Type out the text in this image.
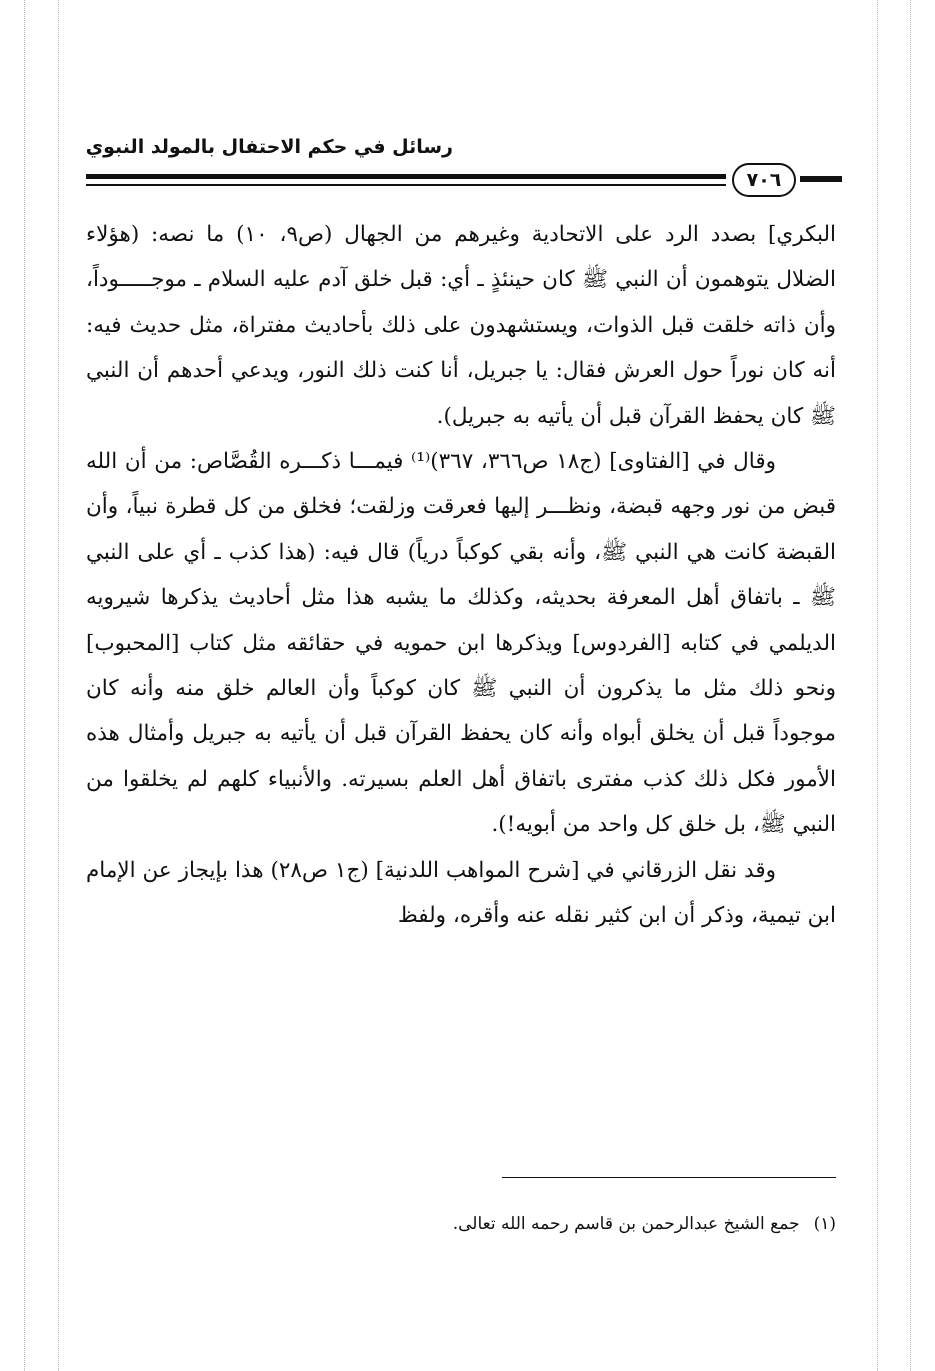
رسائل في حكم الاحتفال بالمولد النبوي
٧٠٦

البكري] بصدد الرد على الاتحادية وغيرهم من الجهال (ص٩، ١٠) ما نصه: (هؤلاء الضلال يتوهمون أن النبي ﷺ كان حينئذٍ ـ أي: قبل خلق آدم عليه السلام ـ موجـــــوداً، وأن ذاته خلقت قبل الذوات، ويستشهدون على ذلك بأحاديث مفتراة، مثل حديث فيه: أنه كان نوراً حول العرش فقال: يا جبريل، أنا كنت ذلك النور، ويدعي أحدهم أن النبي ﷺ كان يحفظ القرآن قبل أن يأتيه به جبريل).

وقال في [الفتاوى] (ج١٨ ص٣٦٦، ٣٦٧)⁽¹⁾ فيمـــا ذكـــره القُصَّاص: من أن الله قبض من نور وجهه قبضة، ونظـــر إليها فعرقت وزلقت؛ فخلق من كل قطرة نبياً، وأن القبضة كانت هي النبي ﷺ، وأنه بقي كوكباً درياً) قال فيه: (هذا كذب ـ أي على النبي ﷺ ـ باتفاق أهل المعرفة بحديثه، وكذلك ما يشبه هذا مثل أحاديث يذكرها شيرويه الديلمي في كتابه [الفردوس] ويذكرها ابن حمويه في حقائقه مثل كتاب [المحبوب] ونحو ذلك مثل ما يذكرون أن النبي ﷺ كان كوكباً وأن العالم خلق منه وأنه كان موجوداً قبل أن يخلق أبواه وأنه كان يحفظ القرآن قبل أن يأتيه به جبريل وأمثال هذه الأمور فكل ذلك كذب مفترى باتفاق أهل العلم بسيرته. والأنبياء كلهم لم يخلقوا من النبي ﷺ، بل خلق كل واحد من أبويه!).

وقد نقل الزرقاني في [شرح المواهب اللدنية] (ج١ ص٢٨) هذا بإيجاز عن الإمام ابن تيمية، وذكر أن ابن كثير نقله عنه وأقره، ولفظ

(١)جمع الشيخ عبدالرحمن بن قاسم رحمه الله تعالى.
